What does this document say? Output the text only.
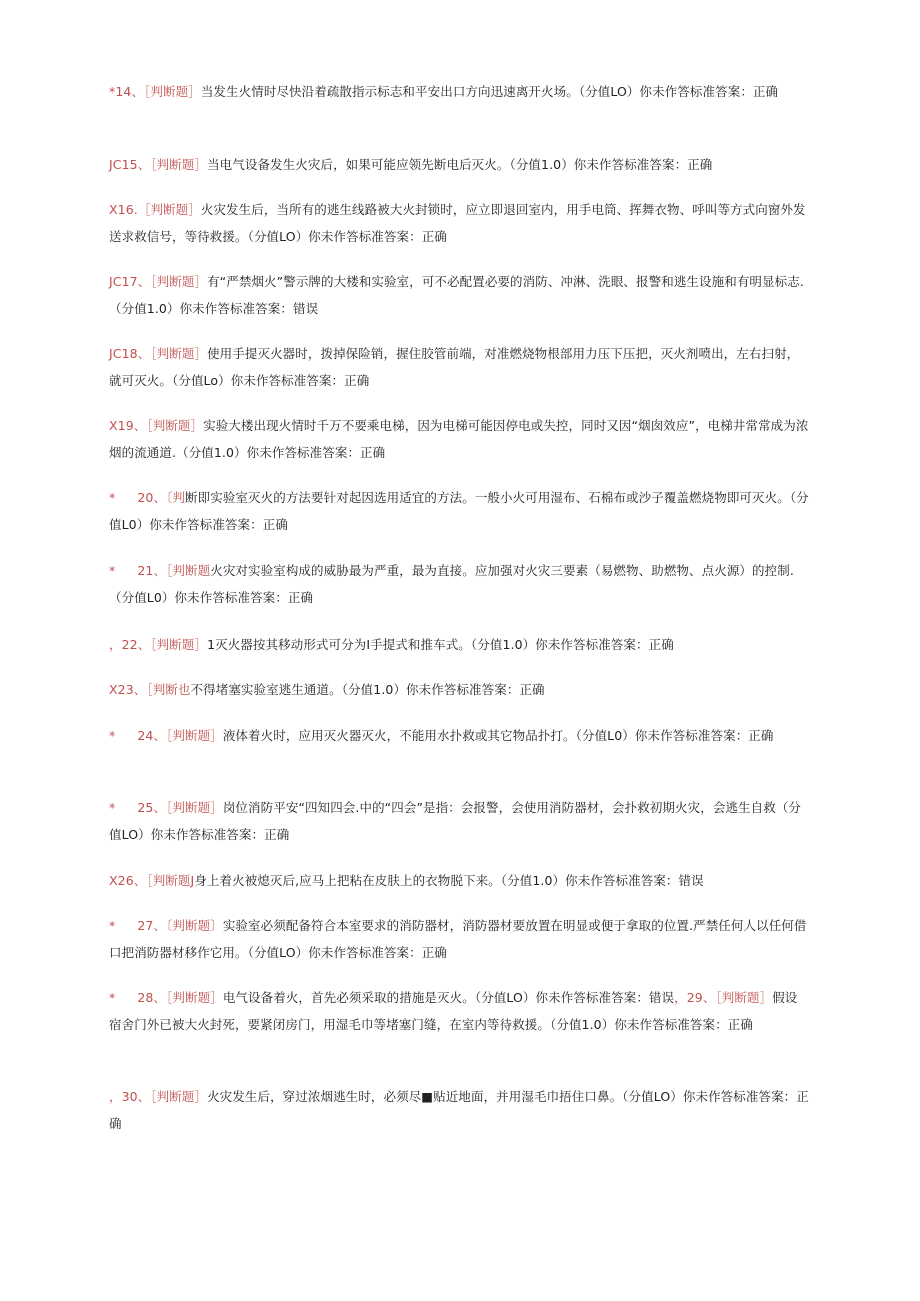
*14、［判断题］当发生火情时尽快沿着疏散指示标志和平安出口方向迅速离开火场。（分值LO）你未作答标准答案：正确
JC15、［判断题］当电气设备发生火灾后，如果可能应领先断电后灭火。（分值1.0）你未作答标准答案：正确
X16.［判断题］火灾发生后，当所有的逃生线路被大火封锁时，应立即退回室内，用手电筒、挥舞衣物、呼叫等方式向窗外发送求救信号，等待救援。（分值LO）你未作答标准答案：正确
JC17、［判断题］有“严禁烟火”警示牌的大楼和实验室，可不必配置必要的消防、冲淋、洗眼、报警和逃生设施和有明显标志.（分值1.0）你未作答标准答案：错误
JC18、［判断题］使用手提灭火器时，拨掉保险销，握住胶管前端，对准燃烧物根部用力压下压把，灭火剂喷出，左右扫射，就可灭火。（分值Lo）你未作答标准答案：正确
X19、［判断题］实验大楼出现火情时千万不要乘电梯，因为电梯可能因停电或失控，同时又因“烟囱效应”，电梯井常常成为浓烟的流通道.（分值1.0）你未作答标准答案：正确
* 20、〔判断即实验室灭火的方法要针对起因选用适宜的方法。一般小火可用湿布、石棉布或沙子覆盖燃烧物即可灭火。（分值L0）你未作答标准答案：正确
* 21、［判断题火灾对实验室构成的威胁最为严重，最为直接。应加强对火灾三要素（易燃物、助燃物、点火源）的控制.（分值L0）你未作答标准答案：正确
，22、［判断题］1灭火器按其移动形式可分为I手提式和推车式。（分值1.0）你未作答标准答案：正确
X23、［判断也不得堵塞实验室逃生通道。（分值1.0）你未作答标准答案：正确
* 24、［判断题］液体着火时，应用灭火器灭火，不能用水扑救或其它物品扑打。（分值L0）你未作答标准答案：正确
* 25、［判断题］岗位消防平安“四知四会.中的“四会”是指：会报警，会使用消防器材，会扑救初期火灾，会逃生自救（分值LO）你未作答标准答案：正确
X26、［判断题J身上着火被熄灭后,应马上把粘在皮肤上的衣物脱下来。（分值1.0）你未作答标准答案：错误
* 27、〔判断题〕实验室必须配备符合本室要求的消防器材，消防器材要放置在明显或便于拿取的位置.严禁任何人以任何借口把消防器材移作它用。（分值LO）你未作答标准答案：正确
* 28、［判断题］电气设备着火，首先必须采取的措施是灭火。（分值LO）你未作答标准答案：错误，29、［判断题］假设宿舍门外已被大火封死，要紧闭房门，用湿毛巾等堵塞门缝，在室内等待救援。（分值1.0）你未作答标准答案：正确
，30、［判断题］火灾发生后，穿过浓烟逃生时，必须尽■贴近地面，并用湿毛巾捂住口鼻。（分值LO）你未作答标准答案：正确
